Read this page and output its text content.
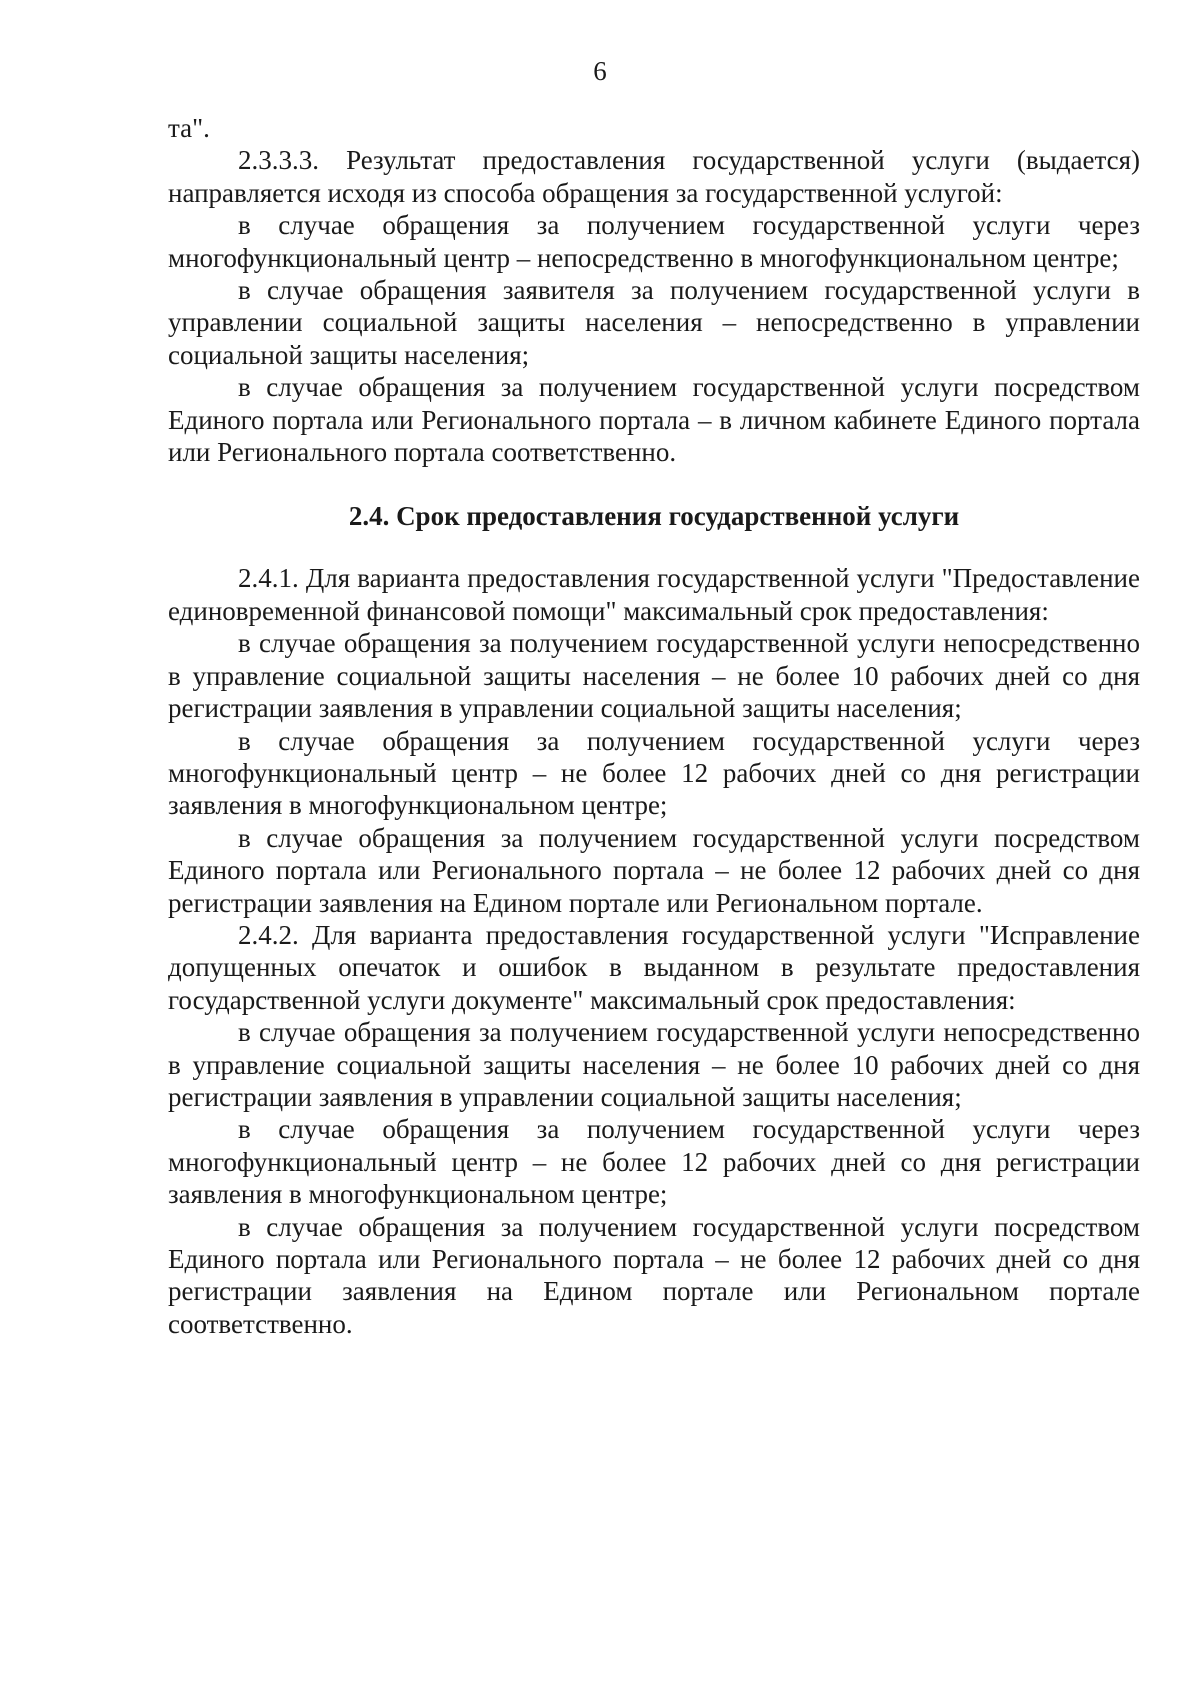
6

та".

2.3.3.3. Результат предоставления государственной услуги (выдается) направляется исходя из способа обращения за государственной услугой:

в случае обращения за получением государственной услуги через многофункциональный центр – непосредственно в многофункциональном центре;

в случае обращения заявителя за получением государственной услуги в управлении социальной защиты населения – непосредственно в управлении социальной защиты населения;

в случае обращения за получением государственной услуги посредством Единого портала или Регионального портала – в личном кабинете Единого портала или Регионального портала соответственно.

2.4. Срок предоставления государственной услуги

2.4.1. Для варианта предоставления государственной услуги "Предоставление единовременной финансовой помощи" максимальный срок предоставления:

в случае обращения за получением государственной услуги непосредственно в управление социальной защиты населения – не более 10 рабочих дней со дня регистрации заявления в управлении социальной защиты населения;

в случае обращения за получением государственной услуги через многофункциональный центр – не более 12 рабочих дней со дня регистрации заявления в многофункциональном центре;

в случае обращения за получением государственной услуги посредством Единого портала или Регионального портала – не более 12 рабочих дней со дня регистрации заявления на Едином портале или Региональном портале.

2.4.2. Для варианта предоставления государственной услуги "Исправление допущенных опечаток и ошибок в выданном в результате предоставления государственной услуги документе" максимальный срок предоставления:

в случае обращения за получением государственной услуги непосредственно в управление социальной защиты населения – не более 10 рабочих дней со дня регистрации заявления в управлении социальной защиты населения;

в случае обращения за получением государственной услуги через многофункциональный центр – не более 12 рабочих дней со дня регистрации заявления в многофункциональном центре;

в случае обращения за получением государственной услуги посредством Единого портала или Регионального портала – не более 12 рабочих дней со дня регистрации заявления на Едином портале или Региональном портале соответственно.
